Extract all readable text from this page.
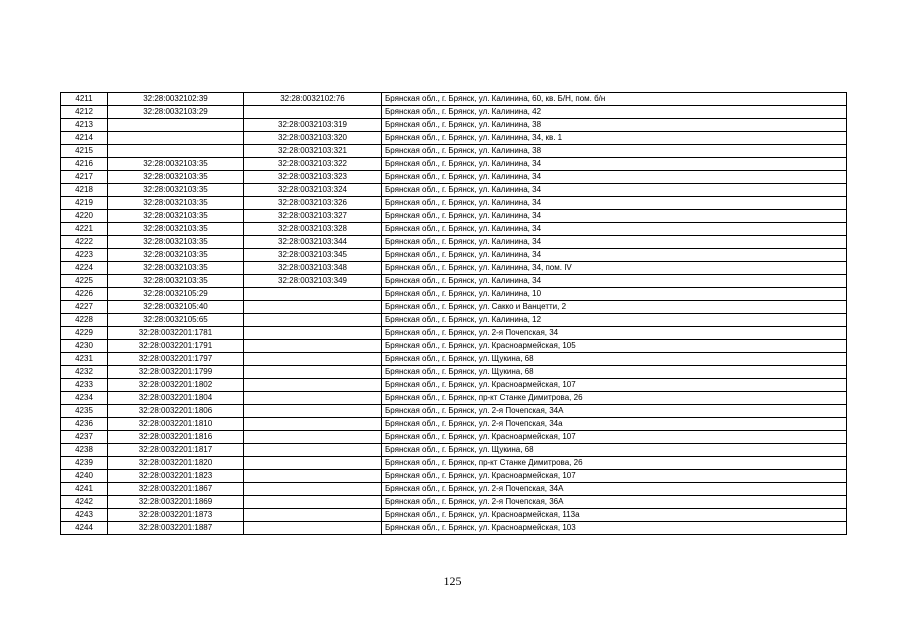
4211	32:28:0032102:39	32:28:0032102:76	Брянская обл., г. Брянск, ул. Калинина, 60, кв. Б/Н, пом. б/н
4212	32:28:0032103:29		Брянская обл., г. Брянск, ул. Калинина, 42
4213		32:28:0032103:319	Брянская обл., г. Брянск, ул. Калинина, 38
4214		32:28:0032103:320	Брянская обл., г. Брянск, ул. Калинина, 34, кв. 1
4215		32:28:0032103:321	Брянская обл., г. Брянск, ул. Калинина, 38
4216	32:28:0032103:35	32:28:0032103:322	Брянская обл., г. Брянск, ул. Калинина, 34
4217	32:28:0032103:35	32:28:0032103:323	Брянская обл., г. Брянск, ул. Калинина, 34
4218	32:28:0032103:35	32:28:0032103:324	Брянская обл., г. Брянск, ул. Калинина, 34
4219	32:28:0032103:35	32:28:0032103:326	Брянская обл., г. Брянск, ул. Калинина, 34
4220	32:28:0032103:35	32:28:0032103:327	Брянская обл., г. Брянск, ул. Калинина, 34
4221	32:28:0032103:35	32:28:0032103:328	Брянская обл., г. Брянск, ул. Калинина, 34
4222	32:28:0032103:35	32:28:0032103:344	Брянская обл., г. Брянск, ул. Калинина, 34
4223	32:28:0032103:35	32:28:0032103:345	Брянская обл., г. Брянск, ул. Калинина, 34
4224	32:28:0032103:35	32:28:0032103:348	Брянская обл., г. Брянск, ул. Калинина, 34, пом. IV
4225	32:28:0032103:35	32:28:0032103:349	Брянская обл., г. Брянск, ул. Калинина, 34
4226	32:28:0032105:29		Брянская обл., г. Брянск, ул. Калинина, 10
4227	32:28:0032105:40		Брянская обл., г. Брянск, ул. Сакко и Ванцетти, 2
4228	32:28:0032105:65		Брянская обл., г. Брянск, ул. Калинина, 12
4229	32:28:0032201:1781		Брянская обл., г. Брянск, ул. 2-я Почепская, 34
4230	32:28:0032201:1791		Брянская обл., г. Брянск, ул. Красноармейская, 105
4231	32:28:0032201:1797		Брянская обл., г. Брянск, ул. Щукина, 68
4232	32:28:0032201:1799		Брянская обл., г. Брянск, ул. Щукина, 68
4233	32:28:0032201:1802		Брянская обл., г. Брянск, ул. Красноармейская, 107
4234	32:28:0032201:1804		Брянская обл., г. Брянск, пр-кт Станке Димитрова, 26
4235	32:28:0032201:1806		Брянская обл., г. Брянск, ул. 2-я Почепская, 34А
4236	32:28:0032201:1810		Брянская обл., г. Брянск, ул. 2-я Почепская, 34а
4237	32:28:0032201:1816		Брянская обл., г. Брянск, ул. Красноармейская, 107
4238	32:28:0032201:1817		Брянская обл., г. Брянск, ул. Щукина, 68
4239	32:28:0032201:1820		Брянская обл., г. Брянск, пр-кт Станке Димитрова, 26
4240	32:28:0032201:1823		Брянская обл., г. Брянск, ул. Красноармейская, 107
4241	32:28:0032201:1867		Брянская обл., г. Брянск, ул. 2-я Почепская, 34А
4242	32:28:0032201:1869		Брянская обл., г. Брянск, ул. 2-я Почепская, 36А
4243	32:28:0032201:1873		Брянская обл., г. Брянск, ул. Красноармейская, 113а
4244	32:28:0032201:1887		Брянская обл., г. Брянск, ул. Красноармейская, 103
125
